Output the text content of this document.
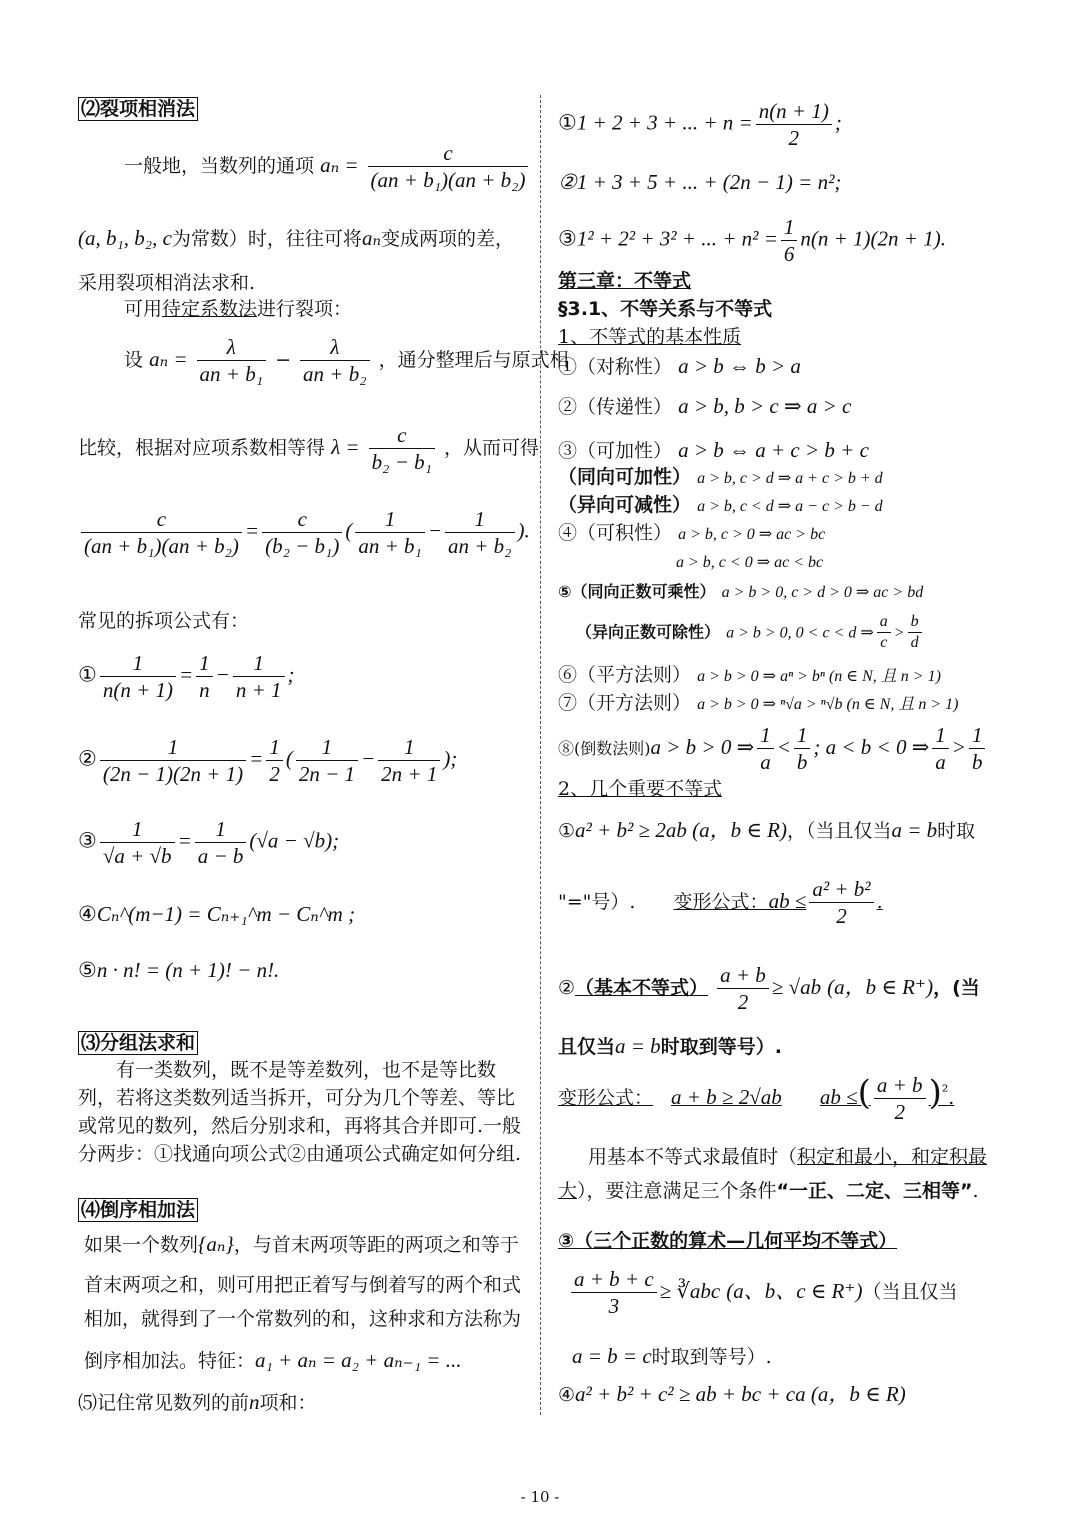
⑵裂项相消法
一般地，当数列的通项 $a_n = \frac{c}{\text{(an + b₁)(an + b₂)}}$
(a, b₁, b₂, c为常数）时，往往可将aₙ变成两项的差，
采用裂项相消法求和.
可用待定系数法进行裂项：
设 $a_n = \frac{\lambda}{\text{an + b₁}} - \frac{\lambda}{\text{an + b₂}}$ ，通分整理后与原式相
比较，根据对应项系数相等得 $\lambda = \frac{c}{\text{b₂ − b₁}}$ ，从而可得
$\frac{c}{\text{(an + b₁)(an + b₂)}} = \frac{c}{\text{(b₂ − b₁)}}$ ( $\frac{1}{\text{an + b₁}} - \frac{1}{\text{an + b₂}}$ ).
常见的拆项公式有：
① $\frac{1}{n(n + 1)} = \frac{1}{n} - \frac{1}{n + 1}$ ;
② $\frac{1}{(2n - 1)(2n + 1)} = \frac{1}{2}$ ( $\frac{1}{2n - 1} - \frac{1}{2n + 1}$ );
③ $\frac{1}{√a + √b} = \frac{1}{a - b} (√a - √b)$;
④Cₙ^(m−1) = Cₙ₊₁^m − Cₙ^m ;
⑤n · n! = (n + 1)! − n!.
⑶分组法求和
有一类数列，既不是等差数列，也不是等比数列，若将这类数列适当拆开，可分为几个等差、等比或常见的数列，然后分别求和，再将其合并即可.一般分两步：①找通向项公式②由通项公式确定如何分组.
⑷倒序相加法
如果一个数列{aₙ}，与首末两项等距的两项之和等于
首末两项之和，则可用把正着写与倒着写的两个和式
相加，就得到了一个常数列的和，这种求和方法称为
倒序相加法。特征：a₁ + aₙ = a₂ + aₙ₋₁ = ...
⑸记住常见数列的前n项和：
①1 + 2 + 3 + ... + $n = \frac{n(n + 1)}{2}$ ;
②1 + 3 + 5 + ... + (2n − 1) = n²;
③1² + 2² + 3² + ... + $n^2 = \frac{1}{6} n(n + 1)(2n + 1)$.
第三章：不等式
§3.1、不等关系与不等式
1、不等式的基本性质
①（对称性） a > b ⇔ b > a
②（传递性） a > b, b > c ⇒ a > c
③（可加性） a > b ⇔ a + c > b + c
（同向可加性） a > b, c > d ⇒ a + c > b + d
（异向可减性） a > b, c < d ⇒ a − c > b − d
④（可积性） a > b, c > 0 ⇒ ac > bc
a > b, c < 0 ⇒ ac < bc
⑤（同向正数可乘性） a > b > 0, c > d > 0 ⇒ ac > bd
（异向正数可除性） a > b > 0, 0 < c < d ⇒ $\frac{a}{c} > \frac{b}{d}$
⑥（平方法则） a > b > 0 ⇒ aⁿ > bⁿ (n ∈ N, 且 n > 1)
⑦（开方法则） a > b > 0 ⇒ ⁿ√a > ⁿ√b (n ∈ N, 且 n > 1)
⑧(倒数法则)a > b > 0 ⇒ $\frac{1}{a} < \frac{1}{b}$ ; a < b < 0 ⇒ $\frac{1}{a} > \frac{1}{b}$
2、几个重要不等式
①a² + b² ≥ 2ab (a，b ∈ R)，（当且仅当a = b时取
"="号）. 变形公式：ab ≤ $\frac{\text{a² + b²}}{2}$ .
②（基本不等式） $\frac{a + b}{2} \ge √ab$ (a，b ∈ R⁺)，(当
且仅当a = b时取到等号）.
变形公式： a + b ≥ 2√ab ab ≤( $\frac{a + b}{2} )^{^2}$.
用基本不等式求最值时（积定和最小，和定积最大），要注意满足三个条件“一正、二定、三相等”.
③（三个正数的算术—几何平均不等式）
$\frac{a + b + c}{3}$ ≥ ∛abc (a、b、c ∈ R⁺)（当且仅当
a = b = c时取到等号）.
④a² + b² + c² ≥ ab + bc + ca (a，b ∈ R)
- 10 -
